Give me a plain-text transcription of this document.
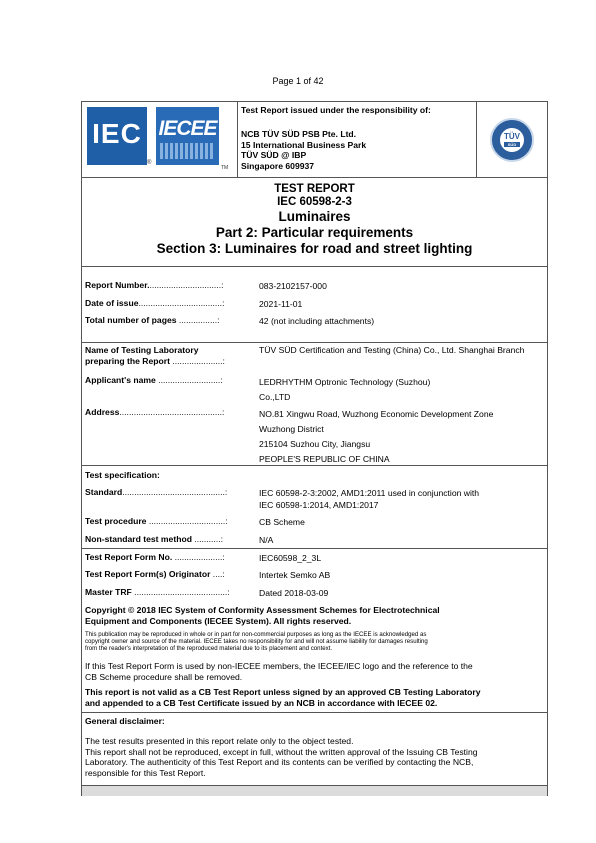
Page 1 of 42
IEC
®
IECEE
TM
Test Report issued under the responsibility of:
NCB TÜV SÜD PSB Pte. Ltd.
15 International Business Park
TÜV SÜD @ IBP
Singapore 609937
TÜV
SÜD
TEST REPORT
IEC 60598-2-3
Luminaires
Part 2: Particular requirements
Section 3: Luminaires for road and street lighting
Report Number...............................:	083-2102157-000
Date of issue...................................:	2021-11-01
Total number of pages ................:	42 (not including attachments)
Name of Testing Laboratory
preparing the Report .....................:
TÜV SÜD Certification and Testing (China) Co., Ltd. Shanghai Branch
Applicant's name ..........................:	LEDRHYTHM Optronic Technology (Suzhou)
Co.,LTD
Address...........................................:	NO.81 Xingwu Road, Wuzhong Economic Development Zone
Wuzhong District
215104 Suzhou City, Jiangsu
PEOPLE'S REPUBLIC OF CHINA
Test specification:
Standard...........................................:	IEC 60598-2-3:2002, AMD1:2011 used in conjunction with
IEC 60598-1:2014, AMD1:2017
Test procedure ................................:	CB Scheme
Non-standard test method ...........:	N/A
Test Report Form No. ....................:	IEC60598_2_3L
Test Report Form(s) Originator ....:	Intertek Semko AB
Master TRF .......................................:	Dated 2018-03-09
Copyright © 2018 IEC System of Conformity Assessment Schemes for Electrotechnical
Equipment and Components (IECEE System). All rights reserved.
This publication may be reproduced in whole or in part for non-commercial purposes as long as the IECEE is acknowledged as
copyright owner and source of the material. IECEE takes no responsibility for and will not assume liability for damages resulting
from the reader's interpretation of the reproduced material due to its placement and context.
If this Test Report Form is used by non-IECEE members, the IECEE/IEC logo and the reference to the
CB Scheme procedure shall be removed.
This report is not valid as a CB Test Report unless signed by an approved CB Testing Laboratory
and appended to a CB Test Certificate issued by an NCB in accordance with IECEE 02.
General disclaimer:
The test results presented in this report relate only to the object tested.
This report shall not be reproduced, except in full, without the written approval of the Issuing CB Testing
Laboratory. The authenticity of this Test Report and its contents can be verified by contacting the NCB,
responsible for this Test Report.
